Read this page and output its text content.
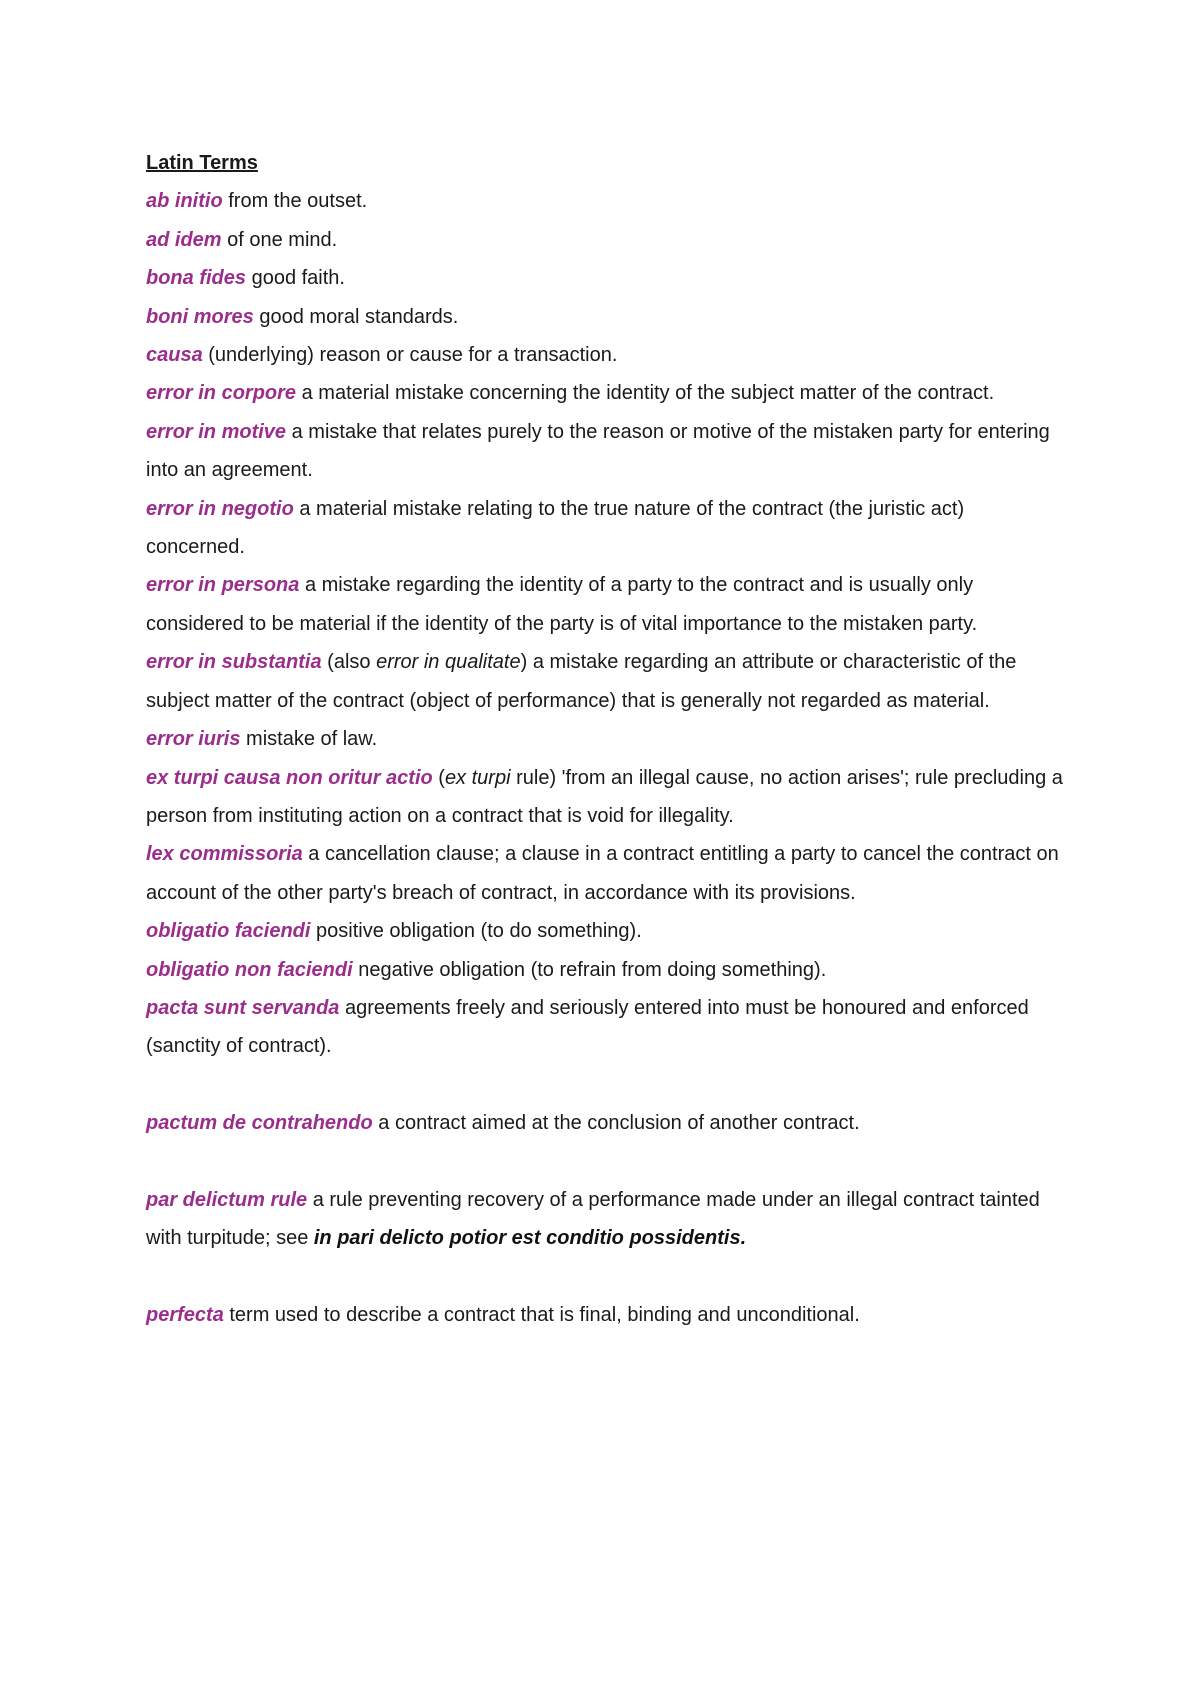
Latin Terms

ab initio from the outset.

ad idem of one mind.

bona fides good faith.

boni mores good moral standards.

causa (underlying) reason or cause for a transaction.

error in corpore a material mistake concerning the identity of the subject matter of the contract.

error in motive a mistake that relates purely to the reason or motive of the mistaken party for entering into an agreement.

error in negotio a material mistake relating to the true nature of the contract (the juristic act) concerned.

error in persona a mistake regarding the identity of a party to the contract and is usually only considered to be material if the identity of the party is of vital importance to the mistaken party.

error in substantia (also error in qualitate) a mistake regarding an attribute or characteristic of the subject matter of the contract (object of performance) that is generally not regarded as material.

error iuris mistake of law.

ex turpi causa non oritur actio (ex turpi rule) 'from an illegal cause, no action arises'; rule precluding a person from instituting action on a contract that is void for illegality.

lex commissoria a cancellation clause; a clause in a contract entitling a party to cancel the contract on account of the other party's breach of contract, in accordance with its provisions.

obligatio faciendi positive obligation (to do something).

obligatio non faciendi negative obligation (to refrain from doing something).

pacta sunt servanda agreements freely and seriously entered into must be honoured and enforced (sanctity of contract).

pactum de contrahendo a contract aimed at the conclusion of another contract.

par delictum rule a rule preventing recovery of a performance made under an illegal contract tainted with turpitude; see in pari delicto potior est conditio possidentis.

perfecta term used to describe a contract that is final, binding and unconditional.
